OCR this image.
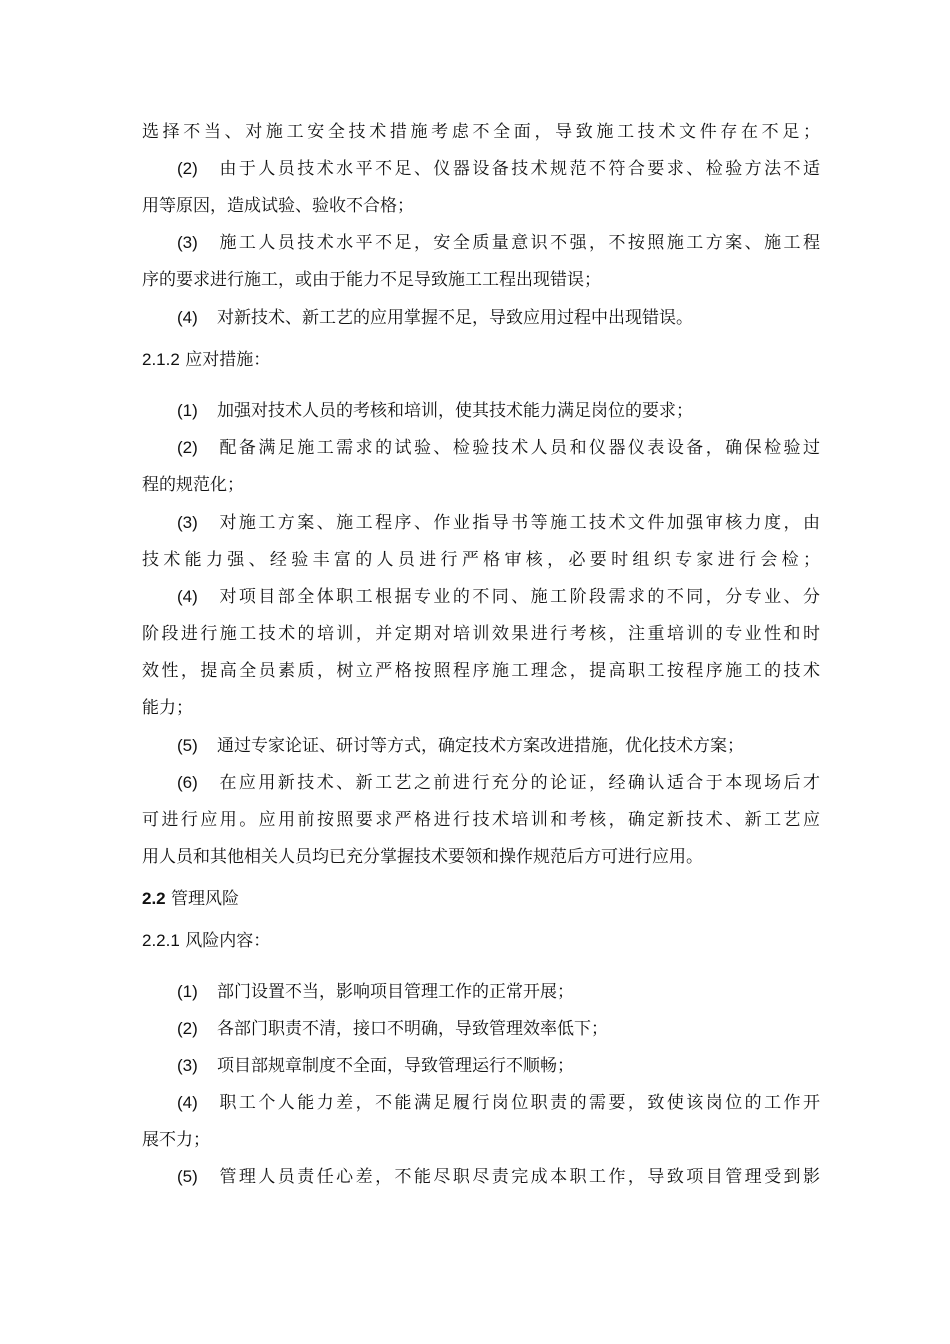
选择不当、对施工安全技术措施考虑不全面，导致施工技术文件存在不足；
(2) 由于人员技术水平不足、仪器设备技术规范不符合要求、检验方法不适
用等原因，造成试验、验收不合格；
(3) 施工人员技术水平不足，安全质量意识不强，不按照施工方案、施工程
序的要求进行施工，或由于能力不足导致施工工程出现错误；
(4) 对新技术、新工艺的应用掌握不足，导致应用过程中出现错误。
2.1.2 应对措施：
(1) 加强对技术人员的考核和培训，使其技术能力满足岗位的要求；
(2) 配备满足施工需求的试验、检验技术人员和仪器仪表设备，确保检验过
程的规范化；
(3) 对施工方案、施工程序、作业指导书等施工技术文件加强审核力度，由
技术能力强、经验丰富的人员进行严格审核，必要时组织专家进行会检；
(4) 对项目部全体职工根据专业的不同、施工阶段需求的不同，分专业、分
阶段进行施工技术的培训，并定期对培训效果进行考核，注重培训的专业性和时
效性，提高全员素质，树立严格按照程序施工理念，提高职工按程序施工的技术
能力；
(5) 通过专家论证、研讨等方式，确定技术方案改进措施，优化技术方案；
(6) 在应用新技术、新工艺之前进行充分的论证，经确认适合于本现场后才
可进行应用。应用前按照要求严格进行技术培训和考核，确定新技术、新工艺应
用人员和其他相关人员均已充分掌握技术要领和操作规范后方可进行应用。
2.2 管理风险
2.2.1 风险内容：
(1) 部门设置不当，影响项目管理工作的正常开展；
(2) 各部门职责不清，接口不明确，导致管理效率低下；
(3) 项目部规章制度不全面，导致管理运行不顺畅；
(4) 职工个人能力差，不能满足履行岗位职责的需要，致使该岗位的工作开
展不力；
(5) 管理人员责任心差，不能尽职尽责完成本职工作，导致项目管理受到影
